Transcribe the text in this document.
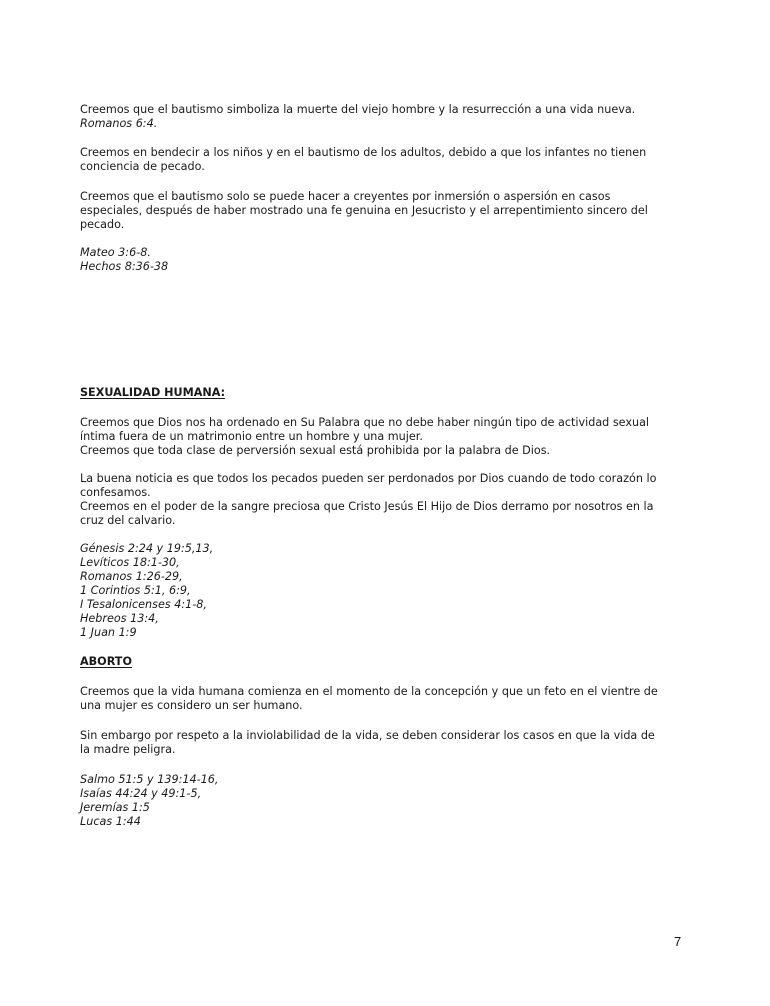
Creemos que el bautismo simboliza la muerte del viejo hombre y la resurrección a una vida nueva.
Romanos 6:4.

Creemos en bendecir a los niños y en el bautismo de los adultos, debido a que los infantes no tienen
conciencia de pecado.

Creemos que el bautismo solo se puede hacer a creyentes por inmersión o aspersión en casos
especiales, después de haber mostrado una fe genuina en Jesucristo y el arrepentimiento sincero del
pecado.

Mateo 3:6-8.
Hechos 8:36-38
SEXUALIDAD HUMANA:

Creemos que Dios nos ha ordenado en Su Palabra que no debe haber ningún tipo de actividad sexual
íntima fuera de un matrimonio entre un hombre y una mujer.
Creemos que toda clase de perversión sexual está prohibida por la palabra de Dios.

La buena noticia es que todos los pecados pueden ser perdonados por Dios cuando de todo corazón lo
confesamos.
Creemos en el poder de la sangre preciosa que Cristo Jesús El Hijo de Dios derramo por nosotros en la
cruz del calvario.

Génesis 2:24 y 19:5,13,
Levíticos 18:1-30,
Romanos 1:26-29,
1 Corintios 5:1, 6:9,
I Tesalonicenses 4:1-8,
Hebreos 13:4,
1 Juan 1:9
ABORTO

Creemos que la vida humana comienza en el momento de la concepción y que un feto en el vientre de
una mujer es considero un ser humano.

Sin embargo por respeto a la inviolabilidad de la vida, se deben considerar los casos en que la vida de
la madre peligra.

Salmo 51:5 y 139:14-16,
Isaías 44:24 y 49:1-5,
Jeremías 1:5
Lucas 1:44
7
